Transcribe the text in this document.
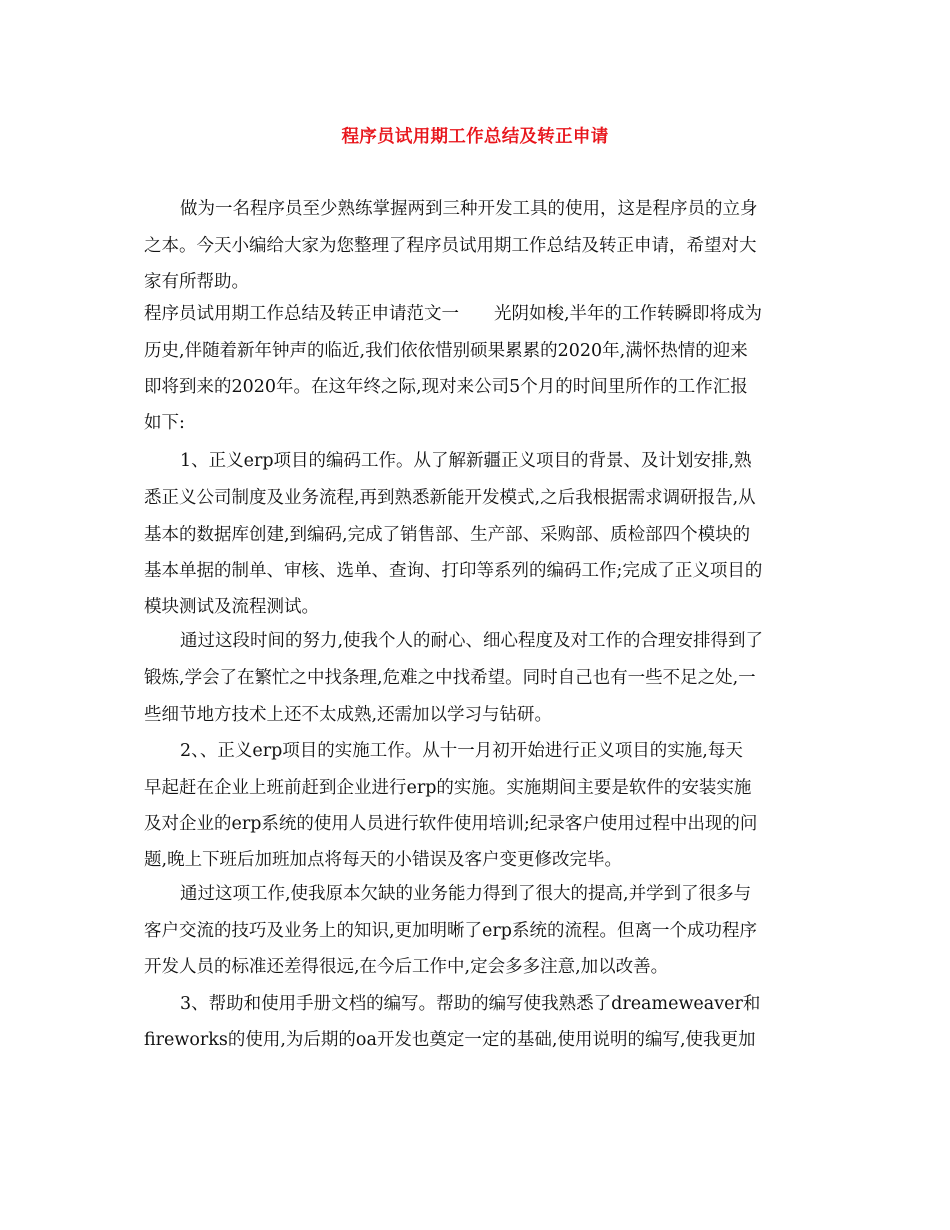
程序员试用期工作总结及转正申请
做为一名程序员至少熟练掌握两到三种开发工具的使用，这是程序员的立身
之本。今天小编给大家为您整理了程序员试用期工作总结及转正申请，希望对大
家有所帮助。
程序员试用期工作总结及转正申请范文一　　光阴如梭,半年的工作转瞬即将成为
历史,伴随着新年钟声的临近,我们依依惜别硕果累累的2020年,满怀热情的迎来
即将到来的2020年。在这年终之际,现对来公司5个月的时间里所作的工作汇报
如下:
1、正义erp项目的编码工作。从了解新疆正义项目的背景、及计划安排,熟
悉正义公司制度及业务流程,再到熟悉新能开发模式,之后我根据需求调研报告,从
基本的数据库创建,到编码,完成了销售部、生产部、采购部、质检部四个模块的
基本单据的制单、审核、选单、查询、打印等系列的编码工作;完成了正义项目的
模块测试及流程测试。
通过这段时间的努力,使我个人的耐心、细心程度及对工作的合理安排得到了
锻炼,学会了在繁忙之中找条理,危难之中找希望。同时自己也有一些不足之处,一
些细节地方技术上还不太成熟,还需加以学习与钻研。
2、、正义erp项目的实施工作。从十一月初开始进行正义项目的实施,每天
早起赶在企业上班前赶到企业进行erp的实施。实施期间主要是软件的安装实施
及对企业的erp系统的使用人员进行软件使用培训;纪录客户使用过程中出现的问
题,晚上下班后加班加点将每天的小错误及客户变更修改完毕。
通过这项工作,使我原本欠缺的业务能力得到了很大的提高,并学到了很多与
客户交流的技巧及业务上的知识,更加明晰了erp系统的流程。但离一个成功程序
开发人员的标准还差得很远,在今后工作中,定会多多注意,加以改善。
3、帮助和使用手册文档的编写。帮助的编写使我熟悉了dreameweaver和
fireworks的使用,为后期的oa开发也奠定一定的基础,使用说明的编写,使我更加
